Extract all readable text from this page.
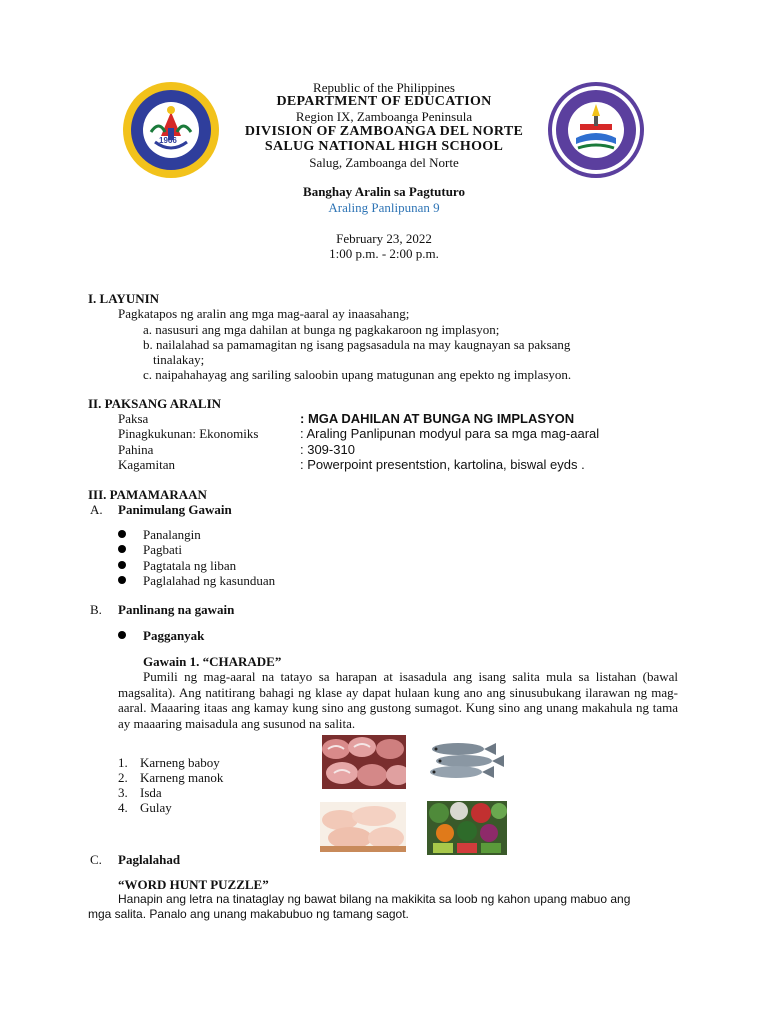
1966
Republic of the Philippines
DEPARTMENT OF EDUCATION
Region IX, Zamboanga Peninsula
DIVISION OF ZAMBOANGA DEL NORTE
SALUG NATIONAL HIGH SCHOOL
Salug, Zamboanga del Norte
Banghay Aralin sa Pagtuturo
Araling Panlipunan 9
February 23, 2022
1:00 p.m. - 2:00 p.m.
I. LAYUNIN
Pagkatapos ng aralin ang mga mag-aaral ay inaasahang;
a. nasusuri ang mga dahilan at bunga ng pagkakaroon ng implasyon;
b. nailalahad sa pamamagitan ng isang pagsasadula na may kaugnayan sa paksang
tinalakay;
c. naipahahayag ang sariling saloobin upang matugunan ang epekto ng implasyon.
II. PAKSANG ARALIN
Paksa	: MGA DAHILAN AT BUNGA NG IMPLASYON
Pinagkukunan: Ekonomiks	: Araling Panlipunan modyul para sa mga mag-aaral
Pahina	: 309-310
Kagamitan	: Powerpoint presentstion, kartolina, biswal eyds .
III. PAMAMARAAN
A. Panimulang Gawain
Panalangin
Pagbati
Pagtatala ng liban
Paglalahad ng kasunduan
B. Panlinang na gawain
Pagganyak
Gawain 1. “CHARADE”
Pumili ng mag-aaral na tatayo sa harapan at isasadula ang isang salita mula sa listahan (bawal magsalita). Ang natitirang bahagi ng klase ay dapat hulaan kung ano ang sinusubukang ilarawan ng mag-aaral. Maaaring itaas ang kamay kung sino ang gustong sumagot. Kung sino ang unang makahula ng tama ay maaaring maisadula ang susunod na salita.
1. Karneng baboy
2. Karneng manok
3. Isda
4. Gulay
C. Paglalahad
“WORD HUNT PUZZLE”
Hanapin ang letra na tinataglay ng bawat bilang na makikita sa loob ng kahon upang mabuo ang
mga salita. Panalo ang unang makabubuo ng tamang sagot.
